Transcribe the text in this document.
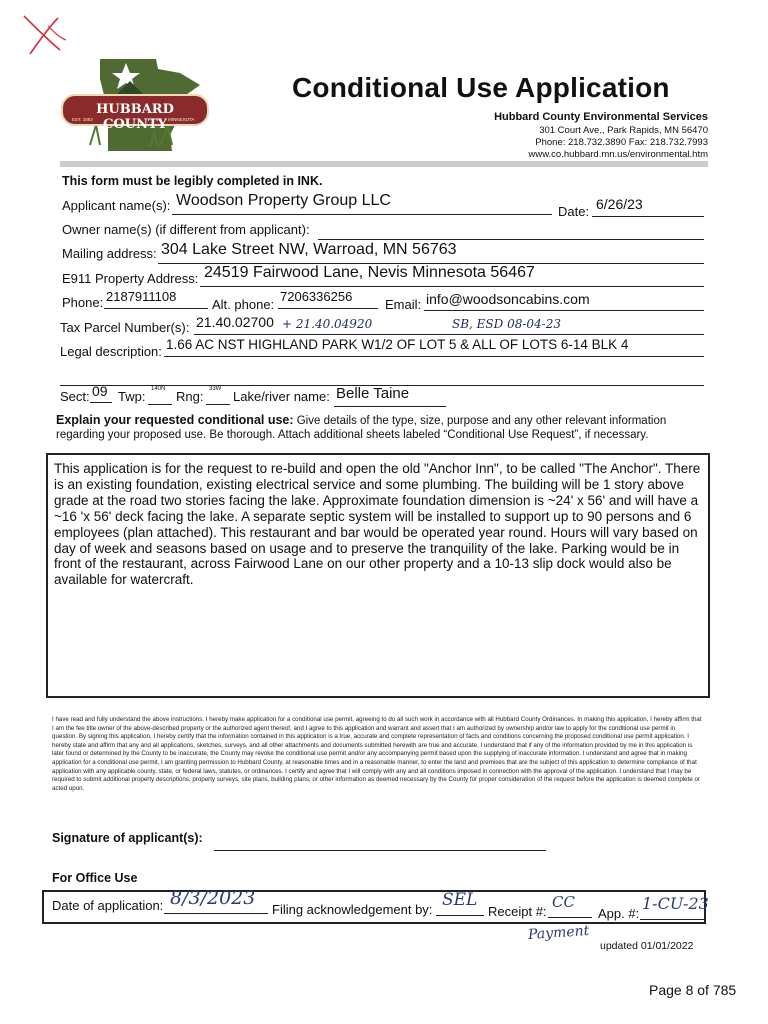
HUBBARD COUNTY
EST. 1883	MINNESOTA
Conditional Use Application
Hubbard County Environmental Services
301 Court Ave., Park Rapids, MN 56470
Phone: 218.732.3890 Fax: 218.732.7993
www.co.hubbard.mn.us/environmental.htm
This form must be legibly completed in INK.
Applicant name(s): Woodson Property Group LLC
Date: 6/26/23
Owner name(s) (if different from applicant):
Mailing address: 304 Lake Street NW, Warroad, MN 56763
E911 Property Address: 24519 Fairwood Lane, Nevis Minnesota 56467
Phone: 2187911108
Alt. phone:
7206336256
Email: info@woodsoncabins.com
Tax Parcel Number(s): 21.40.02700 + 21.40.04920	SB, ESD 08-04-23
Legal description: 1.66 AC NST HIGHLAND PARK W1/2 OF LOT 5 & ALL OF LOTS 6-14 BLK 4
Sect: 09 Twp: 140N Rng: 33W Lake/river name: Belle Taine
Explain your requested conditional use: Give details of the type, size, purpose and any other relevant information regarding your proposed use. Be thorough. Attach additional sheets labeled “Conditional Use Request”, if necessary.
This application is for the request to re-build and open the old "Anchor Inn", to be called "The Anchor". There is an existing foundation, existing electrical service and some plumbing. The building will be 1 story above grade at the road two stories facing the lake. Approximate foundation dimension is ~24' x 56' and will have a ~16 'x 56' deck facing the lake. A separate septic system will be installed to support up to 90 persons and 6 employees (plan attached). This restaurant and bar would be operated year round. Hours will vary based on day of week and seasons based on usage and to preserve the tranquility of the lake. Parking would be in front of the restaurant, across Fairwood Lane on our other property and a 10-13 slip dock would also be available for watercraft.
I have read and fully understand the above instructions. I hereby make application for a conditional use permit, agreeing to do all such work in accordance with all Hubbard County Ordinances. In making this application, I hereby affirm that I am the fee title owner of the above-described property or the authorized agent thereof, and I agree to this application and warrant and assert that I am authorized by ownership and/or law to apply for the conditional use permit in question. By signing this application, I hereby certify that the information contained in this application is a true, accurate and complete representation of facts and conditions concerning the proposed conditional use permit application. I hereby state and affirm that any and all applications, sketches, surveys, and all other attachments and documents submitted herewith are true and accurate. I understand that if any of the information provided by me in this application is later found or determined by the County to be inaccurate, the County may revoke the conditional use permit and/or any accompanying permit based upon the supplying of inaccurate information. I understand and agree that in making application for a conditional use permit, I am granting permission to Hubbard County, at reasonable times and in a reasonable manner, to enter the land and premises that are the subject of this application to determine compliance of that application with any applicable county, state, or federal laws, statutes, or ordinances. I certify and agree that I will comply with any and all conditions imposed in connection with the approval of the application. I understand that I may be required to submit additional property descriptions, property surveys, site plans, building plans, or other information as deemed necessary by the County for proper consideration of the request before the application is deemed complete or acted upon.
Signature of applicant(s):
For Office Use
Date of application: 8/3/2023
Filing acknowledgement by: SEL
Receipt #:
CC
Payment
App. #:
1-CU-23
updated 01/01/2022
Page 8 of 785
